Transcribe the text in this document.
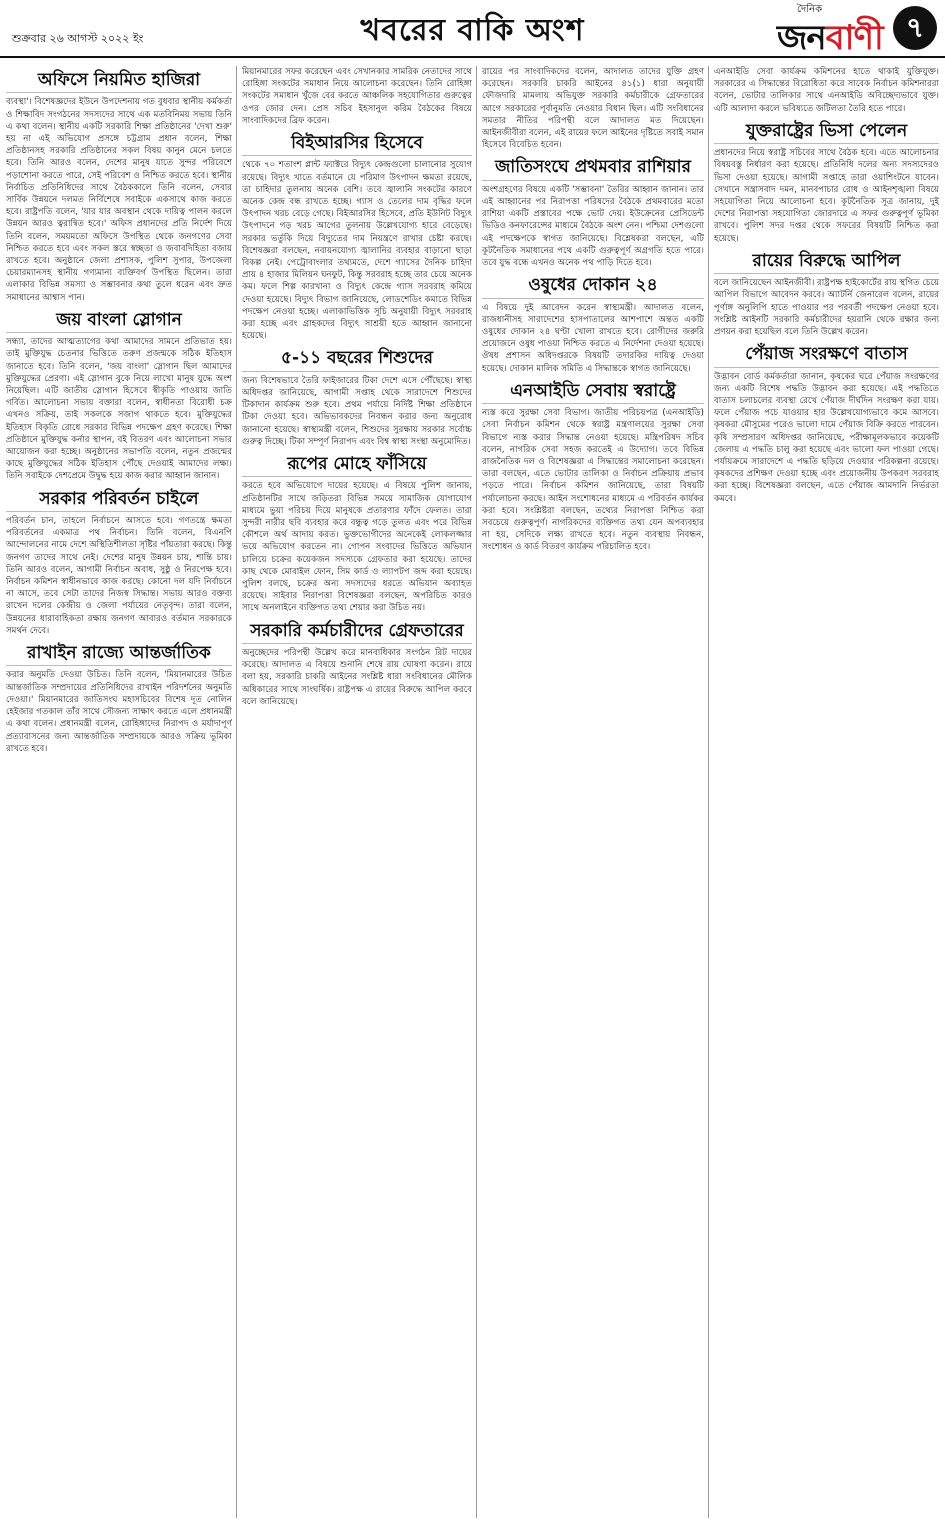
শুক্রবার ২৬ আগস্ট ২০২২ ইং	খবরের বাকি অংশ
দৈনিক
জনবাণী ৭
অফিসে নিয়মিত হাজিরা
ব্যবস্থা'। বিশেষজ্ঞদের ইউনে উপদেশনায় গত বুধবার স্থানীয় কর্মকর্তা ও শিক্ষাবিদ সংগঠনের সদস্যদের সাথে এক মতবিনিময় সভায় তিনি এ কথা বলেন। স্থানীয় একটি সরকারি শিক্ষা প্রতিষ্ঠানের 'দেখা শুরু' হয় না এই অভিযোগ প্রসঙ্গে চট্টগ্রাম প্রধান বলেন, শিক্ষা প্রতিষ্ঠানসহ সরকারি প্রতিষ্ঠানের সকল বিষয় কানুন মেনে চলতে হবে। তিনি আরও বলেন, দেশের মানুষ যাতে সুন্দর পরিবেশে পড়াশোনা করতে পারে, সেই পরিবেশ ও নিশ্চিত করতে হবে। স্থানীয় নির্বাচিত প্রতিনিধিদের সাথে বৈঠককালে তিনি বলেন, সেবার সার্বিক উন্নয়নে দলমত নির্বিশেষে সবাইকে একসাথে কাজ করতে হবে। রাষ্ট্রপতি বলেন, 'যার যার অবস্থান থেকে দায়িত্ব পালন করলে উন্নয়ন আরও ত্বরান্বিত হবে।' অফিস প্রধানদের প্রতি নির্দেশ দিয়ে তিনি বলেন, সময়মতো অফিসে উপস্থিত থেকে জনগণের সেবা নিশ্চিত করতে হবে এবং সকল স্তরে স্বচ্ছতা ও জবাবদিহিতা বজায় রাখতে হবে। অনুষ্ঠানে জেলা প্রশাসক, পুলিশ সুপার, উপজেলা চেয়ারম্যানসহ স্থানীয় গণ্যমান্য ব্যক্তিবর্গ উপস্থিত ছিলেন। তারা এলাকার বিভিন্ন সমস্যা ও সম্ভাবনার কথা তুলে ধরেন এবং দ্রুত সমাধানের আশ্বাস পান।
জয় বাংলা স্লোগান
সন্ধ্যা, তাদের আত্মত্যাগের কথা আমাদের সামনে প্রতিভাত হয়। তাই মুক্তিযুদ্ধ চেতনার ভিত্তিতে তরুণ প্রজন্মকে সঠিক ইতিহাস জানাতে হবে। তিনি বলেন, 'জয় বাংলা' স্লোগান ছিল আমাদের মুক্তিযুদ্ধের প্রেরণা। এই স্লোগান বুকে নিয়ে লাখো মানুষ যুদ্ধে অংশ নিয়েছিল। এটি জাতীয় স্লোগান হিসেবে স্বীকৃতি পাওয়ায় জাতি গর্বিত। আলোচনা সভায় বক্তারা বলেন, স্বাধীনতা বিরোধী চক্র এখনও সক্রিয়, তাই সকলকে সজাগ থাকতে হবে। মুক্তিযুদ্ধের ইতিহাস বিকৃতি রোধে সরকার বিভিন্ন পদক্ষেপ গ্রহণ করেছে। শিক্ষা প্রতিষ্ঠানে মুক্তিযুদ্ধ কর্নার স্থাপন, বই বিতরণ এবং আলোচনা সভার আয়োজন করা হচ্ছে। অনুষ্ঠানের সভাপতি বলেন, নতুন প্রজন্মের কাছে মুক্তিযুদ্ধের সঠিক ইতিহাস পৌঁছে দেওয়াই আমাদের লক্ষ্য। তিনি সবাইকে দেশপ্রেমে উদ্বুদ্ধ হয়ে কাজ করার আহ্বান জানান।
সরকার পরিবর্তন চাইলে
পরিবর্তন চান, তাহলে নির্বাচনে আসতে হবে। গণতন্ত্রে ক্ষমতা পরিবর্তনের একমাত্র পথ নির্বাচন। তিনি বলেন, বিএনপি আন্দোলনের নামে দেশে অস্থিতিশীলতা সৃষ্টির পাঁয়তারা করছে। কিন্তু জনগণ তাদের সাথে নেই। দেশের মানুষ উন্নয়ন চায়, শান্তি চায়। তিনি আরও বলেন, আগামী নির্বাচন অবাধ, সুষ্ঠু ও নিরপেক্ষ হবে। নির্বাচন কমিশন স্বাধীনভাবে কাজ করছে। কোনো দল যদি নির্বাচনে না আসে, তবে সেটা তাদের নিজস্ব সিদ্ধান্ত। সভায় আরও বক্তব্য রাখেন দলের কেন্দ্রীয় ও জেলা পর্যায়ের নেতৃবৃন্দ। তারা বলেন, উন্নয়নের ধারাবাহিকতা রক্ষায় জনগণ আবারও বর্তমান সরকারকে সমর্থন দেবে।
রাখাইন রাজ্যে আন্তর্জাতিক
করার অনুমতি দেওয়া উচিত। তিনি বলেন, 'মিয়ানমারের উচিত আন্তর্জাতিক সম্প্রদায়ের প্রতিনিধিদের রাখাইন পরিদর্শনের অনুমতি দেওয়া।' মিয়ানমারের জাতিসংঘ মহাসচিবের বিশেষ দূত নোলিন হেইজার গতকাল তাঁর সাথে সৌজন্য সাক্ষাৎ করতে এলে প্রধানমন্ত্রী এ কথা বলেন। প্রধানমন্ত্রী বলেন, রোহিঙ্গাদের নিরাপদ ও মর্যাদাপূর্ণ প্রত্যাবাসনের জন্য আন্তর্জাতিক সম্প্রদায়কে আরও সক্রিয় ভূমিকা রাখতে হবে।
মিয়ানমারের সফর করেছেন এবং সেখানকার সামরিক নেতাদের সাথে রোহিঙ্গা সংকটের সমাধান নিয়ে আলোচনা করেছেন। তিনি রোহিঙ্গা সংকটের সমাধান খুঁজে বের করতে আঞ্চলিক সহযোগিতার গুরুত্বের ওপর জোর দেন। প্রেস সচিব ইহসানুল করিম বৈঠকের বিষয়ে সাংবাদিকদের ব্রিফ করেন।
বিইআরসির হিসেবে
থেকে ৭০ শতাংশ প্লান্ট ফ্যাক্টরে বিদ্যুৎ কেন্দ্রগুলো চালানোর সুযোগ রয়েছে। বিদ্যুৎ খাতে বর্তমানে যে পরিমাণ উৎপাদন ক্ষমতা রয়েছে, তা চাহিদার তুলনায় অনেক বেশি। তবে জ্বালানি সংকটের কারণে অনেক কেন্দ্র বন্ধ রাখতে হচ্ছে। গ্যাস ও তেলের দাম বৃদ্ধির ফলে উৎপাদন খরচ বেড়ে গেছে। বিইআরসির হিসেবে, প্রতি ইউনিট বিদ্যুৎ উৎপাদনে গড় খরচ আগের তুলনায় উল্লেখযোগ্য হারে বেড়েছে। সরকার ভর্তুকি দিয়ে বিদ্যুতের দাম নিয়ন্ত্রণে রাখার চেষ্টা করছে। বিশেষজ্ঞরা বলছেন, নবায়নযোগ্য জ্বালানির ব্যবহার বাড়ানো ছাড়া বিকল্প নেই। পেট্রোবাংলার তথ্যমতে, দেশে গ্যাসের দৈনিক চাহিদা প্রায় ৪ হাজার মিলিয়ন ঘনফুট, কিন্তু সরবরাহ হচ্ছে তার চেয়ে অনেক কম। ফলে শিল্প কারখানা ও বিদ্যুৎ কেন্দ্রে গ্যাস সরবরাহ কমিয়ে দেওয়া হয়েছে। বিদ্যুৎ বিভাগ জানিয়েছে, লোডশেডিং কমাতে বিভিন্ন পদক্ষেপ নেওয়া হচ্ছে। এলাকাভিত্তিক সূচি অনুযায়ী বিদ্যুৎ সরবরাহ করা হচ্ছে এবং গ্রাহকদের বিদ্যুৎ সাশ্রয়ী হতে আহ্বান জানানো হয়েছে।
৫-১১ বছরের শিশুদের
জন্য বিশেষভাবে তৈরি ফাইজারের টিকা দেশে এসে পৌঁছেছে। স্বাস্থ্য অধিদপ্তর জানিয়েছে, আগামী সপ্তাহ থেকে সারাদেশে শিশুদের টিকাদান কার্যক্রম শুরু হবে। প্রথম পর্যায়ে নির্দিষ্ট শিক্ষা প্রতিষ্ঠানে টিকা দেওয়া হবে। অভিভাবকদের নিবন্ধন করার জন্য অনুরোধ জানানো হয়েছে। স্বাস্থ্যমন্ত্রী বলেন, শিশুদের সুরক্ষায় সরকার সর্বোচ্চ গুরুত্ব দিচ্ছে। টিকা সম্পূর্ণ নিরাপদ এবং বিশ্ব স্বাস্থ্য সংস্থা অনুমোদিত।
রূপের মোহে ফাঁসিয়ে
করতে হবে অভিযোগে দায়ের হয়েছে। এ বিষয়ে পুলিশ জানায়, প্রতিষ্ঠানটির সাথে জড়িতরা বিভিন্ন সময়ে সামাজিক যোগাযোগ মাধ্যমে ভুয়া পরিচয় দিয়ে মানুষকে প্রতারণার ফাঁদে ফেলত। তারা সুন্দরী নারীর ছবি ব্যবহার করে বন্ধুত্ব গড়ে তুলত এবং পরে বিভিন্ন কৌশলে অর্থ আদায় করত। ভুক্তভোগীদের অনেকেই লোকলজ্জার ভয়ে অভিযোগ করতেন না। গোপন সংবাদের ভিত্তিতে অভিযান চালিয়ে চক্রের কয়েকজন সদস্যকে গ্রেফতার করা হয়েছে। তাদের কাছ থেকে মোবাইল ফোন, সিম কার্ড ও ল্যাপটপ জব্দ করা হয়েছে। পুলিশ বলছে, চক্রের অন্য সদস্যদের ধরতে অভিযান অব্যাহত রয়েছে। সাইবার নিরাপত্তা বিশেষজ্ঞরা বলছেন, অপরিচিত কারও সাথে অনলাইনে ব্যক্তিগত তথ্য শেয়ার করা উচিত নয়।
সরকারি কর্মচারীদের গ্রেফতারের
অনুচ্ছেদের পরিপন্থী উল্লেখ করে মানবাধিকার সংগঠন রিট দায়ের করেছে। আদালত এ বিষয়ে শুনানি শেষে রায় ঘোষণা করেন। রায়ে বলা হয়, সরকারি চাকরি আইনের সংশ্লিষ্ট ধারা সংবিধানের মৌলিক অধিকারের সাথে সাংঘর্ষিক। রাষ্ট্রপক্ষ এ রায়ের বিরুদ্ধে আপিল করবে বলে জানিয়েছে।
রায়ের পর সাংবাদিকদের বলেন, আদালত তাদের যুক্তি গ্রহণ করেছেন। সরকারি চাকরি আইনের ৪১(১) ধারা অনুযায়ী ফৌজদারি মামলায় অভিযুক্ত সরকারি কর্মচারীকে গ্রেফতারের আগে সরকারের পূর্বানুমতি নেওয়ার বিধান ছিল। এটি সংবিধানের সমতার নীতির পরিপন্থী বলে আদালত মত দিয়েছেন। আইনজীবীরা বলেন, এই রায়ের ফলে আইনের দৃষ্টিতে সবাই সমান হিসেবে বিবেচিত হবেন।
জাতিসংঘে প্রথমবার রাশিয়ার
অংশগ্রহণের বিষয়ে একটি 'সম্ভাবনা' তৈরির আহ্বান জানান। তার এই আহ্বানের পর নিরাপত্তা পরিষদের বৈঠকে প্রথমবারের মতো রাশিয়া একটি প্রস্তাবের পক্ষে ভোট দেয়। ইউক্রেনের প্রেসিডেন্ট ভিডিও কনফারেন্সের মাধ্যমে বৈঠকে অংশ নেন। পশ্চিমা দেশগুলো এই পদক্ষেপকে স্বাগত জানিয়েছে। বিশ্লেষকরা বলছেন, এটি কূটনৈতিক সমাধানের পথে একটি গুরুত্বপূর্ণ অগ্রগতি হতে পারে। তবে যুদ্ধ বন্ধে এখনও অনেক পথ পাড়ি দিতে হবে।
ওষুধের দোকান ২৪
এ বিষয়ে দুই আবেদন করেন স্বাস্থ্যমন্ত্রী। আদালত বলেন, রাজধানীসহ সারাদেশের হাসপাতালের আশপাশে অন্তত একটি ওষুধের দোকান ২৪ ঘণ্টা খোলা রাখতে হবে। রোগীদের জরুরি প্রয়োজনে ওষুধ পাওয়া নিশ্চিত করতে এ নির্দেশনা দেওয়া হয়েছে। ঔষধ প্রশাসন অধিদপ্তরকে বিষয়টি তদারকির দায়িত্ব দেওয়া হয়েছে। দোকান মালিক সমিতি এ সিদ্ধান্তকে স্বাগত জানিয়েছে।
এনআইডি সেবায় স্বরাষ্ট্রে
ন্যস্ত করে সুরক্ষা সেবা বিভাগ। জাতীয় পরিচয়পত্র (এনআইডি) সেবা নির্বাচন কমিশন থেকে স্বরাষ্ট্র মন্ত্রণালয়ের সুরক্ষা সেবা বিভাগে ন্যস্ত করার সিদ্ধান্ত নেওয়া হয়েছে। মন্ত্রিপরিষদ সচিব বলেন, নাগরিক সেবা সহজ করতেই এ উদ্যোগ। তবে বিভিন্ন রাজনৈতিক দল ও বিশেষজ্ঞরা এ সিদ্ধান্তের সমালোচনা করেছেন। তারা বলছেন, এতে ভোটার তালিকা ও নির্বাচন প্রক্রিয়ায় প্রভাব পড়তে পারে। নির্বাচন কমিশন জানিয়েছে, তারা বিষয়টি পর্যালোচনা করছে। আইন সংশোধনের মাধ্যমে এ পরিবর্তন কার্যকর করা হবে। সংশ্লিষ্টরা বলছেন, তথ্যের নিরাপত্তা নিশ্চিত করা সবচেয়ে গুরুত্বপূর্ণ। নাগরিকদের ব্যক্তিগত তথ্য যেন অপব্যবহার না হয়, সেদিকে লক্ষ্য রাখতে হবে। নতুন ব্যবস্থায় নিবন্ধন, সংশোধন ও কার্ড বিতরণ কার্যক্রম পরিচালিত হবে।
এনআইডি সেবা কার্যক্রম কমিশনের হাতে থাকাই যুক্তিযুক্ত। সরকারের এ সিদ্ধান্তের বিরোধিতা করে সাবেক নির্বাচন কমিশনাররা বলেন, ভোটার তালিকার সাথে এনআইডি অবিচ্ছেদ্যভাবে যুক্ত। এটি আলাদা করলে ভবিষ্যতে জটিলতা তৈরি হতে পারে।
যুক্তরাষ্ট্রের ভিসা পেলেন
প্রধানদের নিয়ে স্বরাষ্ট্র সচিবের সাথে বৈঠক হবে। এতে আলোচনার বিষয়বস্তু নির্ধারণ করা হয়েছে। প্রতিনিধি দলের অন্য সদস্যদেরও ভিসা দেওয়া হয়েছে। আগামী সপ্তাহে তারা ওয়াশিংটনে যাবেন। সেখানে সন্ত্রাসবাদ দমন, মানবপাচার রোধ ও আইনশৃঙ্খলা বিষয়ে সহযোগিতা নিয়ে আলোচনা হবে। কূটনৈতিক সূত্র জানায়, দুই দেশের নিরাপত্তা সহযোগিতা জোরদারে এ সফর গুরুত্বপূর্ণ ভূমিকা রাখবে। পুলিশ সদর দপ্তর থেকে সফরের বিষয়টি নিশ্চিত করা হয়েছে।
রায়ের বিরুদ্ধে আপিল
বলে জানিয়েছেন আইনজীবী। রাষ্ট্রপক্ষ হাইকোর্টের রায় স্থগিত চেয়ে আপিল বিভাগে আবেদন করবে। অ্যাটর্নি জেনারেল বলেন, রায়ের পূর্ণাঙ্গ অনুলিপি হাতে পাওয়ার পর পরবর্তী পদক্ষেপ নেওয়া হবে। সংশ্লিষ্ট আইনটি সরকারি কর্মচারীদের হয়রানি থেকে রক্ষার জন্য প্রণয়ন করা হয়েছিল বলে তিনি উল্লেখ করেন।
পেঁয়াজ সংরক্ষণে বাতাস
উদ্ভাবন বোর্ড কর্মকর্তারা জানান, কৃষকের ঘরে পেঁয়াজ সংরক্ষণের জন্য একটি বিশেষ পদ্ধতি উদ্ভাবন করা হয়েছে। এই পদ্ধতিতে বাতাস চলাচলের ব্যবস্থা রেখে পেঁয়াজ দীর্ঘদিন সংরক্ষণ করা যায়। ফলে পেঁয়াজ পচে যাওয়ার হার উল্লেখযোগ্যভাবে কমে আসবে। কৃষকরা মৌসুমের পরেও ভালো দামে পেঁয়াজ বিক্রি করতে পারবেন। কৃষি সম্প্রসারণ অধিদপ্তর জানিয়েছে, পরীক্ষামূলকভাবে কয়েকটি জেলায় এ পদ্ধতি চালু করা হয়েছে এবং ভালো ফল পাওয়া গেছে। পর্যায়ক্রমে সারাদেশে এ পদ্ধতি ছড়িয়ে দেওয়ার পরিকল্পনা রয়েছে। কৃষকদের প্রশিক্ষণ দেওয়া হচ্ছে এবং প্রয়োজনীয় উপকরণ সরবরাহ করা হচ্ছে। বিশেষজ্ঞরা বলছেন, এতে পেঁয়াজ আমদানি নির্ভরতা কমবে।
